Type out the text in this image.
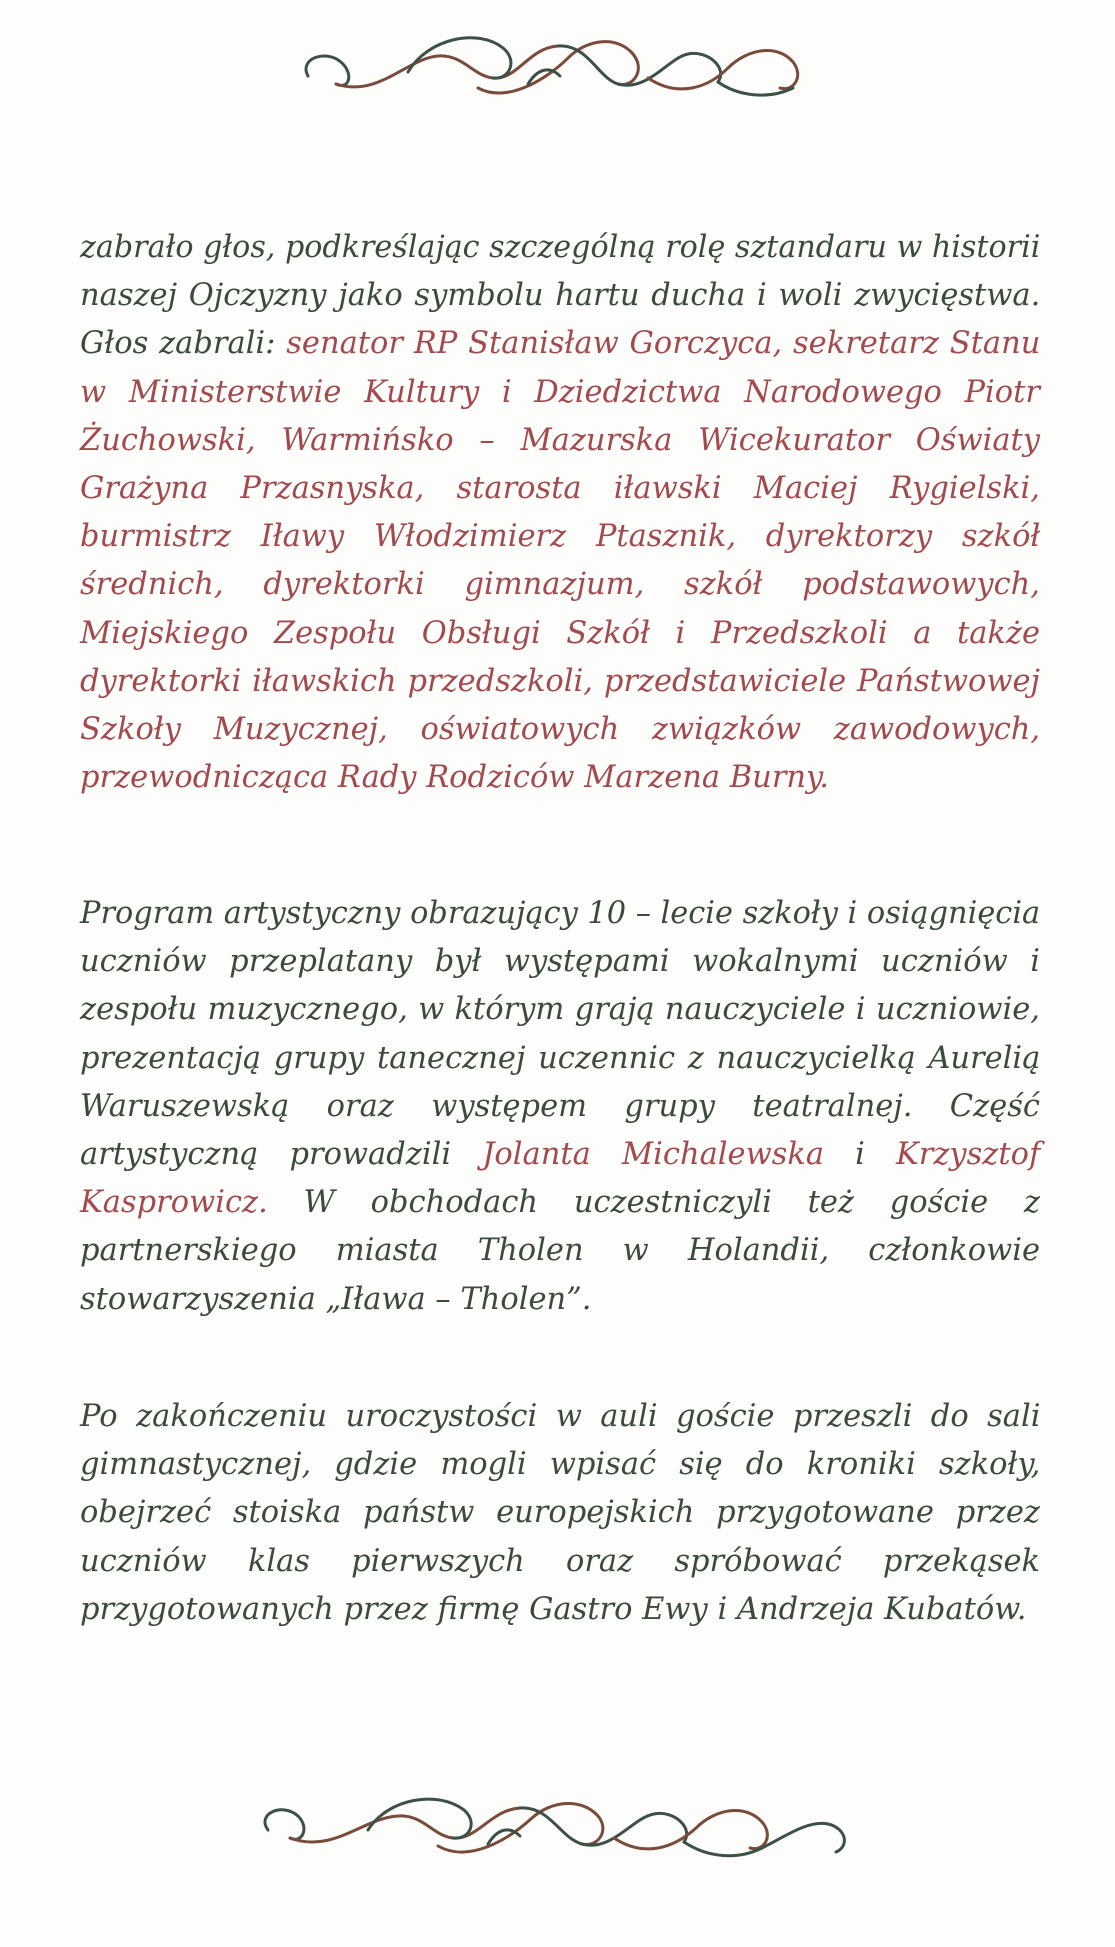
zabrało głos, podkreślając szczególną rolę sztandaru w historii
naszej Ojczyzny jako symbolu hartu ducha i woli zwycięstwa.
Głos zabrali: senator RP Stanisław Gorczyca, sekretarz Stanu
w Ministerstwie Kultury i Dziedzictwa Narodowego Piotr
Żuchowski, Warmińsko – Mazurska Wicekurator Oświaty
Grażyna Przasnyska, starosta iławski Maciej Rygielski,
burmistrz Iławy Włodzimierz Ptasznik, dyrektorzy szkół
średnich, dyrektorki gimnazjum, szkół podstawowych,
Miejskiego Zespołu Obsługi Szkół i Przedszkoli a także
dyrektorki iławskich przedszkoli, przedstawiciele Państwowej
Szkoły Muzycznej, oświatowych związków zawodowych,
przewodnicząca Rady Rodziców Marzena Burny.
Program artystyczny obrazujący 10 – lecie szkoły i osiągnięcia
uczniów przeplatany był występami wokalnymi uczniów i
zespołu muzycznego, w którym grają nauczyciele i uczniowie,
prezentacją grupy tanecznej uczennic z nauczycielką Aurelią
Waruszewską oraz występem grupy teatralnej. Część
artystyczną prowadzili Jolanta Michalewska i Krzysztof
Kasprowicz. W obchodach uczestniczyli też goście z
partnerskiego miasta Tholen w Holandii, członkowie
stowarzyszenia „Iława – Tholen”.
Po zakończeniu uroczystości w auli goście przeszli do sali
gimnastycznej, gdzie mogli wpisać się do kroniki szkoły,
obejrzeć stoiska państw europejskich przygotowane przez
uczniów klas pierwszych oraz spróbować przekąsek
przygotowanych przez firmę Gastro Ewy i Andrzeja Kubatów.
